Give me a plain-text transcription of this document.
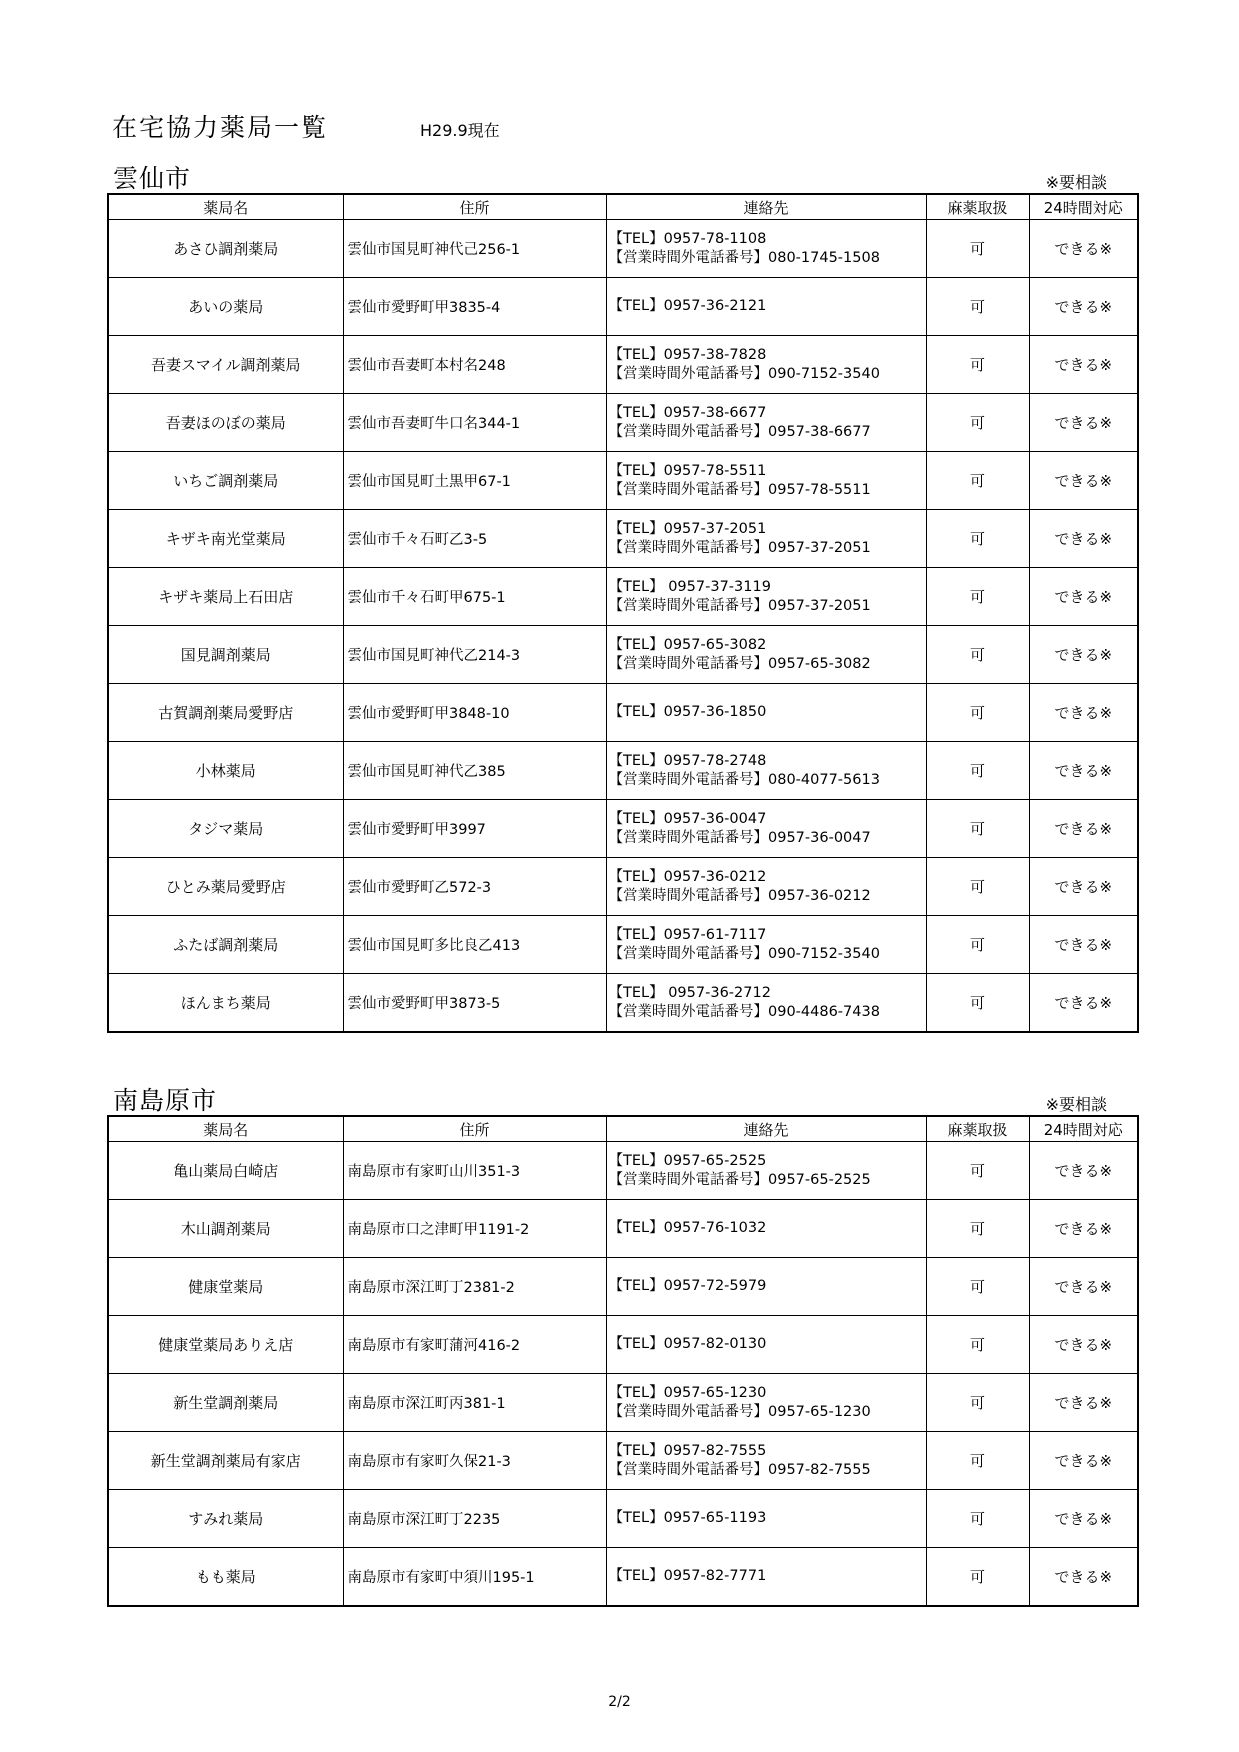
在宅協力薬局一覧	H29.9現在
雲仙市	※要相談
薬局名	住所	連絡先	麻薬取扱	24時間対応
あさひ調剤薬局	雲仙市国見町神代己256-1	【TEL】0957-78-1108
【営業時間外電話番号】080-1745-1508	可	できる※
あいの薬局	雲仙市愛野町甲3835-4	【TEL】0957-36-2121	可	できる※
吾妻スマイル調剤薬局	雲仙市吾妻町本村名248	【TEL】0957-38-7828
【営業時間外電話番号】090-7152-3540	可	できる※
吾妻ほのぼの薬局	雲仙市吾妻町牛口名344-1	【TEL】0957-38-6677
【営業時間外電話番号】0957-38-6677	可	できる※
いちご調剤薬局	雲仙市国見町土黒甲67-1	【TEL】0957-78-5511
【営業時間外電話番号】0957-78-5511	可	できる※
キザキ南光堂薬局	雲仙市千々石町乙3-5	【TEL】0957-37-2051
【営業時間外電話番号】0957-37-2051	可	できる※
キザキ薬局上石田店	雲仙市千々石町甲675-1	【TEL】 0957-37-3119
【営業時間外電話番号】0957-37-2051	可	できる※
国見調剤薬局	雲仙市国見町神代乙214-3	【TEL】0957-65-3082
【営業時間外電話番号】0957-65-3082	可	できる※
古賀調剤薬局愛野店	雲仙市愛野町甲3848-10	【TEL】0957-36-1850	可	できる※
小林薬局	雲仙市国見町神代乙385	【TEL】0957-78-2748
【営業時間外電話番号】080-4077-5613	可	できる※
タジマ薬局	雲仙市愛野町甲3997	【TEL】0957-36-0047
【営業時間外電話番号】0957-36-0047	可	できる※
ひとみ薬局愛野店	雲仙市愛野町乙572-3	【TEL】0957-36-0212
【営業時間外電話番号】0957-36-0212	可	できる※
ふたば調剤薬局	雲仙市国見町多比良乙413	【TEL】0957-61-7117
【営業時間外電話番号】090-7152-3540	可	できる※
ほんまち薬局	雲仙市愛野町甲3873-5	【TEL】 0957-36-2712
【営業時間外電話番号】090-4486-7438	可	できる※
南島原市	※要相談
薬局名	住所	連絡先	麻薬取扱	24時間対応
亀山薬局白崎店	南島原市有家町山川351-3	【TEL】0957-65-2525
【営業時間外電話番号】0957-65-2525	可	できる※
木山調剤薬局	南島原市口之津町甲1191-2	【TEL】0957-76-1032	可	できる※
健康堂薬局	南島原市深江町丁2381-2	【TEL】0957-72-5979	可	できる※
健康堂薬局ありえ店	南島原市有家町蒲河416-2	【TEL】0957-82-0130	可	できる※
新生堂調剤薬局	南島原市深江町丙381-1	【TEL】0957-65-1230
【営業時間外電話番号】0957-65-1230	可	できる※
新生堂調剤薬局有家店	南島原市有家町久保21-3	【TEL】0957-82-7555
【営業時間外電話番号】0957-82-7555	可	できる※
すみれ薬局	南島原市深江町丁2235	【TEL】0957-65-1193	可	できる※
もも薬局	南島原市有家町中須川195-1	【TEL】0957-82-7771	可	できる※
2/2
